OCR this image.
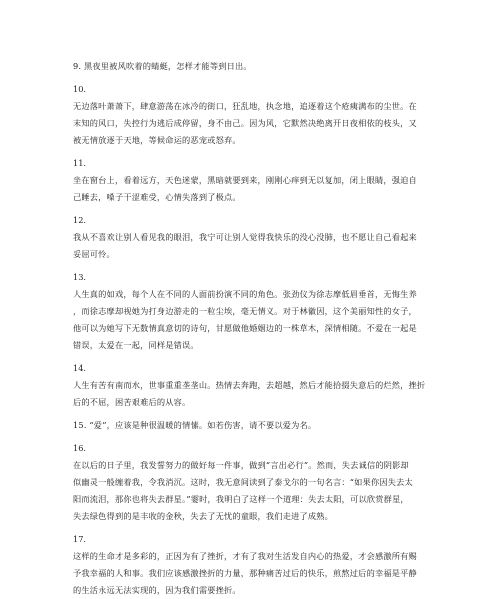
9. 黑夜里被风吹着的蜻蜓，怎样才能等到日出。
10.
无边落叶萧萧下，肆意游荡在冰冷的街口，狂乱地，执念地，追逐着这个疮痍满布的尘世。在
末知的风口，失控行为逃后成停留，身不由己。因为风，它默然决绝离开日夜相依的枝头，又
被无情放逐于天地，等候命运的恶宠或怒弃。
11.
坐在窗台上，看着远方，天色迷蒙，黑暗就要到来，刚刚心痒到无以复加，闭上眼睛，强迫自
己睡去，嗓子干涩难受，心情失落到了极点。
12.
我从不喜欢让别人看见我的眼泪，我宁可让别人觉得我快乐的没心没肺，也不愿让自己看起来
妥屈可怜。
13.
人生真的如戏，每个人在不同的人面前扮演不同的角色。张劲仪为徐志摩低眉垂首，无悔生养
，而徐志摩却视她为打身边游走的一粒尘埃，毫无情义。对于林徽因，这个美丽知性的女子，
他可以为她写下无数情真意切的诗句，甘愿做他婚姻边的一株草木，深情相随。不爱在一起是
错误，太爱在一起，同样是错误。
14.
人生有苦有南而水，世事重重垄垄山。热情去奔跑，去超越，然后才能拾掇失意后的烂然，挫折
后的不屈，困苦艰难后的从容。
15. “爱”，应该是种很温暖的情愫。如若伤害，请不要以爱为名。
16.
在以后的日子里，我发誓努力的做好每一件事，做到“言出必行”。然而，失去诚信的阴影却
似幽灵一般缠着我，令我消沉。这时，我无意间读到了泰戈尔的一句名言：“如果你因失去太
阳而流泪，那你也将失去群星。”霎时，我明白了这样一个道理：失去太阳，可以欣赏群星，
失去绿色得到的是丰收的金秋，失去了无忧的童眼，我们走进了成熟。
17.
这样的生命才是多彩的，正因为有了挫折，才有了我对生活发自内心的热爱，才会感激所有赐
予我幸福的人和事。我们应该感激挫折的力量，那种痛苦过后的快乐，煎熬过后的幸福是平静
的生活永远无法实现的，因为我们需要挫折。
